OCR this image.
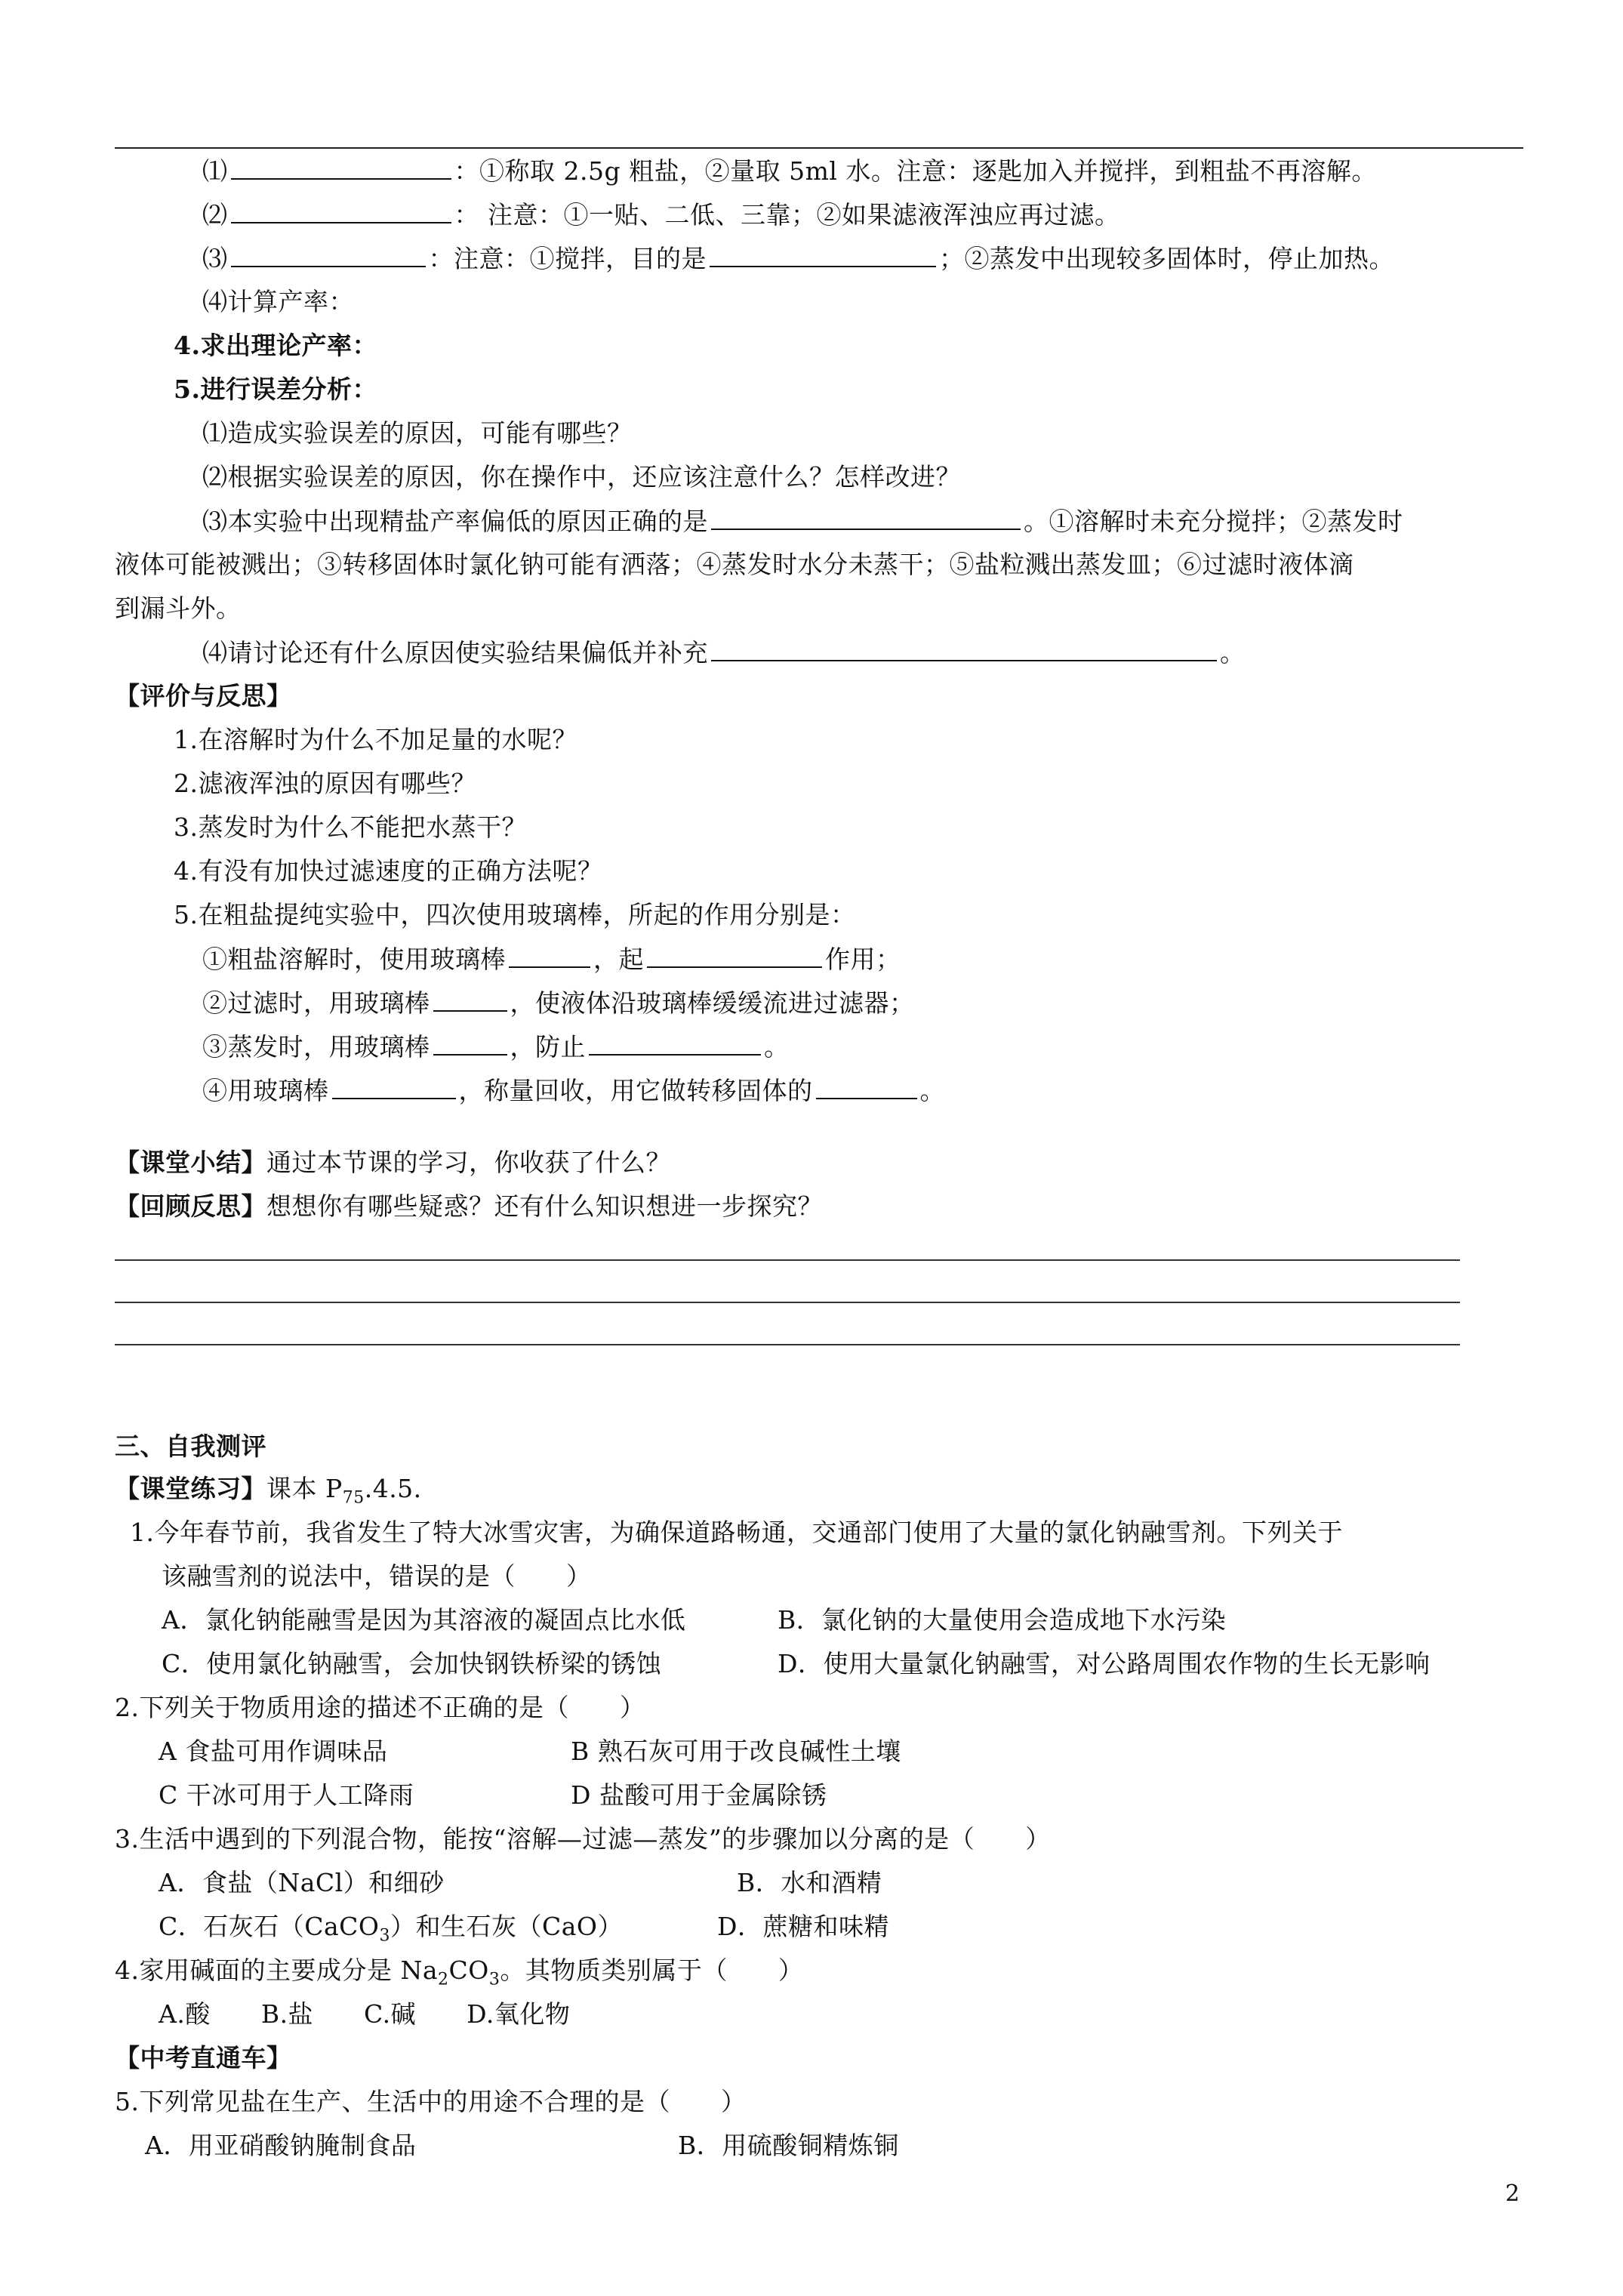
⑴	：①称取 2.5g 粗盐，②量取 5ml 水。注意：逐匙加入并搅拌，到粗盐不再溶解。
⑵	： 注意：①一贴、二低、三靠；②如果滤液浑浊应再过滤。
⑶	：注意：①搅拌，目的是	；②蒸发中出现较多固体时，停止加热。
⑷计算产率：
4.求出理论产率：
5.进行误差分析：
⑴造成实验误差的原因，可能有哪些？
⑵根据实验误差的原因，你在操作中，还应该注意什么？怎样改进？
⑶本实验中出现精盐产率偏低的原因正确的是	。①溶解时未充分搅拌；②蒸发时
液体可能被溅出；③转移固体时氯化钠可能有洒落；④蒸发时水分未蒸干；⑤盐粒溅出蒸发皿；⑥过滤时液体滴
到漏斗外。
⑷请讨论还有什么原因使实验结果偏低并补充	。
【评价与反思】
1.在溶解时为什么不加足量的水呢？
2.滤液浑浊的原因有哪些？
3.蒸发时为什么不能把水蒸干？
4.有没有加快过滤速度的正确方法呢？
5.在粗盐提纯实验中，四次使用玻璃棒，所起的作用分别是：
①粗盐溶解时，使用玻璃棒	，起	作用；
②过滤时，用玻璃棒	，使液体沿玻璃棒缓缓流进过滤器；
③蒸发时，用玻璃棒	，防止	。
④用玻璃棒	，称量回收，用它做转移固体的	。
【课堂小结】通过本节课的学习，你收获了什么？
【回顾反思】想想你有哪些疑惑？还有什么知识想进一步探究？
三、自我测评
【课堂练习】课本 $P_{75}.4.5$.
1.今年春节前，我省发生了特大冰雪灾害，为确保道路畅通，交通部门使用了大量的氯化钠融雪剂。下列关于
该融雪剂的说法中，错误的是（　　）
A．氯化钠能融雪是因为其溶液的凝固点比水低	B．氯化钠的大量使用会造成地下水污染
C．使用氯化钠融雪，会加快钢铁桥梁的锈蚀	D．使用大量氯化钠融雪，对公路周围农作物的生长无影响
2.下列关于物质用途的描述不正确的是（　　）
A 食盐可用作调味品	B 熟石灰可用于改良碱性土壤
C 干冰可用于人工降雨	D 盐酸可用于金属除锈
3.生活中遇到的下列混合物，能按“溶解—过滤—蒸发”的步骤加以分离的是（　　）
A．食盐（NaCl）和细砂	B．水和酒精
C．石灰石（CaCO$_3$）和生石灰（CaO）	D．蔗糖和味精
4.家用碱面的主要成分是 $Na_2CO_3$。其物质类别属于（　　）
A.酸　　B.盐　　C.碱　　D.氧化物
【中考直通车】
5.下列常见盐在生产、生活中的用途不合理的是（　　）
A．用亚硝酸钠腌制食品	B．用硫酸铜精炼铜
2
